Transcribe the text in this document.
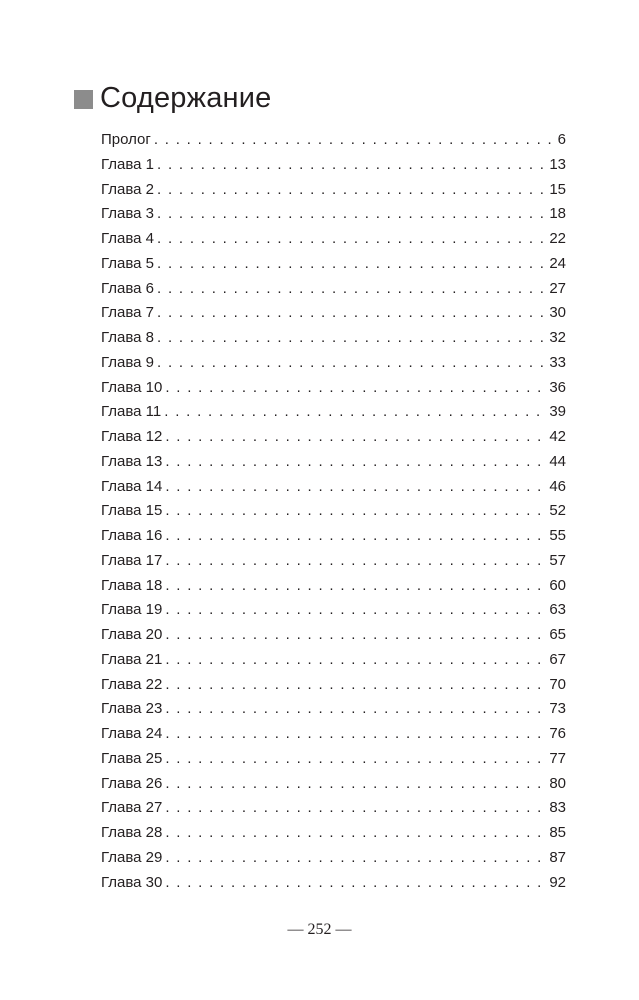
Содержание
Пролог . . .	6
Глава 1 . . .	13
Глава 2 . . .	15
Глава 3 . . .	18
Глава 4 . . .	22
Глава 5 . . .	24
Глава 6 . . .	27
Глава 7 . . .	30
Глава 8 . . .	32
Глава 9 . . .	33
Глава 10 . . .	36
Глава 11 . . .	39
Глава 12 . . .	42
Глава 13 . . .	44
Глава 14 . . .	46
Глава 15 . . .	52
Глава 16 . . .	55
Глава 17 . . .	57
Глава 18 . . .	60
Глава 19 . . .	63
Глава 20 . . .	65
Глава 21 . . .	67
Глава 22 . . .	70
Глава 23 . . .	73
Глава 24 . . .	76
Глава 25 . . .	77
Глава 26 . . .	80
Глава 27 . . .	83
Глава 28 . . .	85
Глава 29 . . .	87
Глава 30 . . .	92
— 252 —
